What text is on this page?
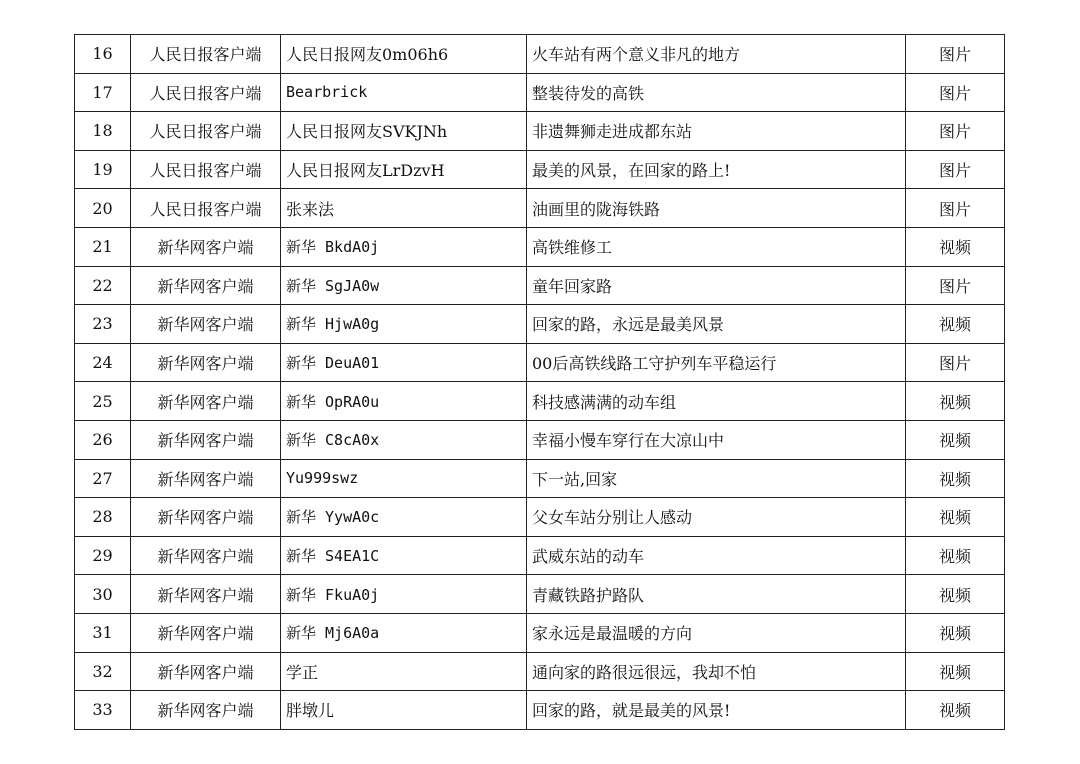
16	人民日报客户端	人民日报网友0m06h6	火车站有两个意义非凡的地方	图片
17	人民日报客户端	Bearbrick	整装待发的高铁	图片
18	人民日报客户端	人民日报网友SVKJNh	非遗舞狮走进成都东站	图片
19	人民日报客户端	人民日报网友LrDzvH	最美的风景，在回家的路上!	图片
20	人民日报客户端	张来法	油画里的陇海铁路	图片
21	新华网客户端	新华 BkdA0j	高铁维修工	视频
22	新华网客户端	新华 SgJA0w	童年回家路	图片
23	新华网客户端	新华 HjwA0g	回家的路，永远是最美风景	视频
24	新华网客户端	新华 DeuA01	00后高铁线路工守护列车平稳运行	图片
25	新华网客户端	新华 OpRA0u	科技感满满的动车组	视频
26	新华网客户端	新华 C8cA0x	幸福小慢车穿行在大凉山中	视频
27	新华网客户端	Yu999swz	下一站,回家	视频
28	新华网客户端	新华 YywA0c	父女车站分别让人感动	视频
29	新华网客户端	新华 S4EA1C	武威东站的动车	视频
30	新华网客户端	新华 FkuA0j	青藏铁路护路队	视频
31	新华网客户端	新华 Mj6A0a	家永远是最温暖的方向	视频
32	新华网客户端	学正	通向家的路很远很远，我却不怕	视频
33	新华网客户端	胖墩儿	回家的路，就是最美的风景!	视频
